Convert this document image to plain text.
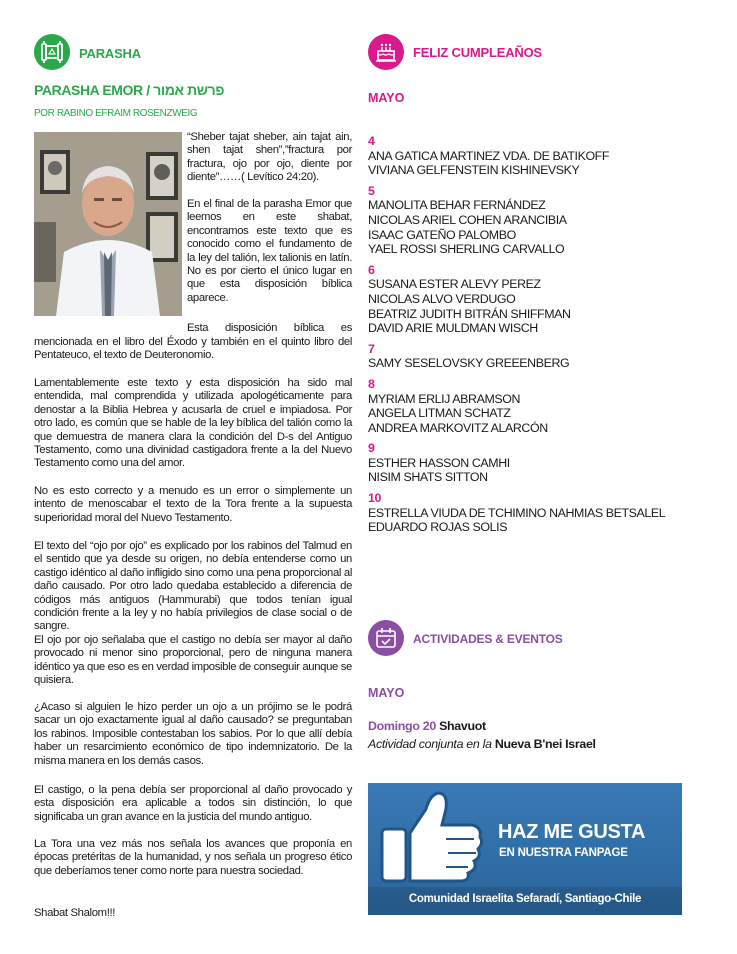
PARASHA
PARASHA EMOR / פרשת אמור
POR RABINO EFRAIM ROSENZWEIG
“Sheber tajat sheber, ain tajat ain, shen tajat shen”,”fractura por fractura, ojo por ojo, diente por diente”……( Levítico 24:20).
En el final de la parasha Emor que leemos en este shabat, encontramos este texto que es conocido como el fundamento de la ley del talión, lex talionis en latín. No es por cierto el único lugar en que esta disposición bíblica aparece.
Esta disposición bíblica es
mencionada en el libro del Éxodo y también en el quinto libro del Pentateuco, el texto de Deuteronomio.
Lamentablemente este texto y esta disposición ha sido mal entendida, mal comprendida y utilizada apologéticamente para denostar a la Biblia Hebrea y acusarla de cruel e impiadosa. Por otro lado, es común que se hable de la ley bíblica del talión como la que demuestra de manera clara la condición del D-s del Antiguo Testamento, como una divinidad castigadora frente a la del Nuevo Testamento como una del amor.
No es esto correcto y a menudo es un error o simplemente un intento de menoscabar el texto de la Tora frente a la supuesta superioridad moral del Nuevo Testamento.
El texto del “ojo por ojo” es explicado por los rabinos del Talmud en el sentido que ya desde su origen, no debía entenderse como un castigo idéntico al daño infligido sino como una pena proporcional al daño causado. Por otro lado quedaba establecido a diferencia de códigos más antiguos (Hammurabi) que todos tenían igual condición frente a la ley y no había privilegios de clase social o de sangre.
El ojo por ojo señalaba que el castigo no debía ser mayor al daño provocado ni menor sino proporcional, pero de ninguna manera idéntico ya que eso es en verdad imposible de conseguir aunque se quisiera.
¿Acaso si alguien le hizo perder un ojo a un prójimo se le podrá sacar un ojo exactamente igual al daño causado? se preguntaban los rabinos. Imposible contestaban los sabios. Por lo que allí debía haber un resarcimiento económico de tipo indemnizatorio. De la misma manera en los demás casos.
El castigo, o la pena debía ser proporcional al daño provocado y esta disposición era aplicable a todos sin distinción, lo que significaba un gran avance en la justicia del mundo antiguo.
La Tora una vez más nos señala los avances que proponía en épocas pretéritas de la humanidad, y nos señala un progreso ético que deberíamos tener como norte para nuestra sociedad.
Shabat Shalom!!!
FELIZ CUMPLEAÑOS
MAYO
4
ANA GATICA MARTINEZ VDA. DE BATIKOFF
VIVIANA GELFENSTEIN KISHINEVSKY
5
MANOLITA BEHAR FERNÁNDEZ
NICOLAS ARIEL COHEN ARANCIBIA
ISAAC GATEÑO PALOMBO
YAEL ROSSI SHERLING CARVALLO
6
SUSANA ESTER ALEVY PEREZ
NICOLAS ALVO VERDUGO
BEATRIZ JUDITH BITRÁN SHIFFMAN
DAVID ARIE MULDMAN WISCH
7
SAMY SESELOVSKY GREEENBERG
8
MYRIAM ERLIJ ABRAMSON
ANGELA LITMAN SCHATZ
ANDREA MARKOVITZ ALARCÓN
9
ESTHER HASSON CAMHI
NISIM SHATS SITTON
10
ESTRELLA VIUDA DE TCHIMINO NAHMIAS BETSALEL
EDUARDO ROJAS SOLIS
ACTIVIDADES & EVENTOS
MAYO
Domingo 20 Shavuot
Actividad conjunta en la Nueva B'nei Israel
HAZ ME GUSTA
EN NUESTRA FANPAGE
Comunidad Israelita Sefaradí, Santiago-Chile
